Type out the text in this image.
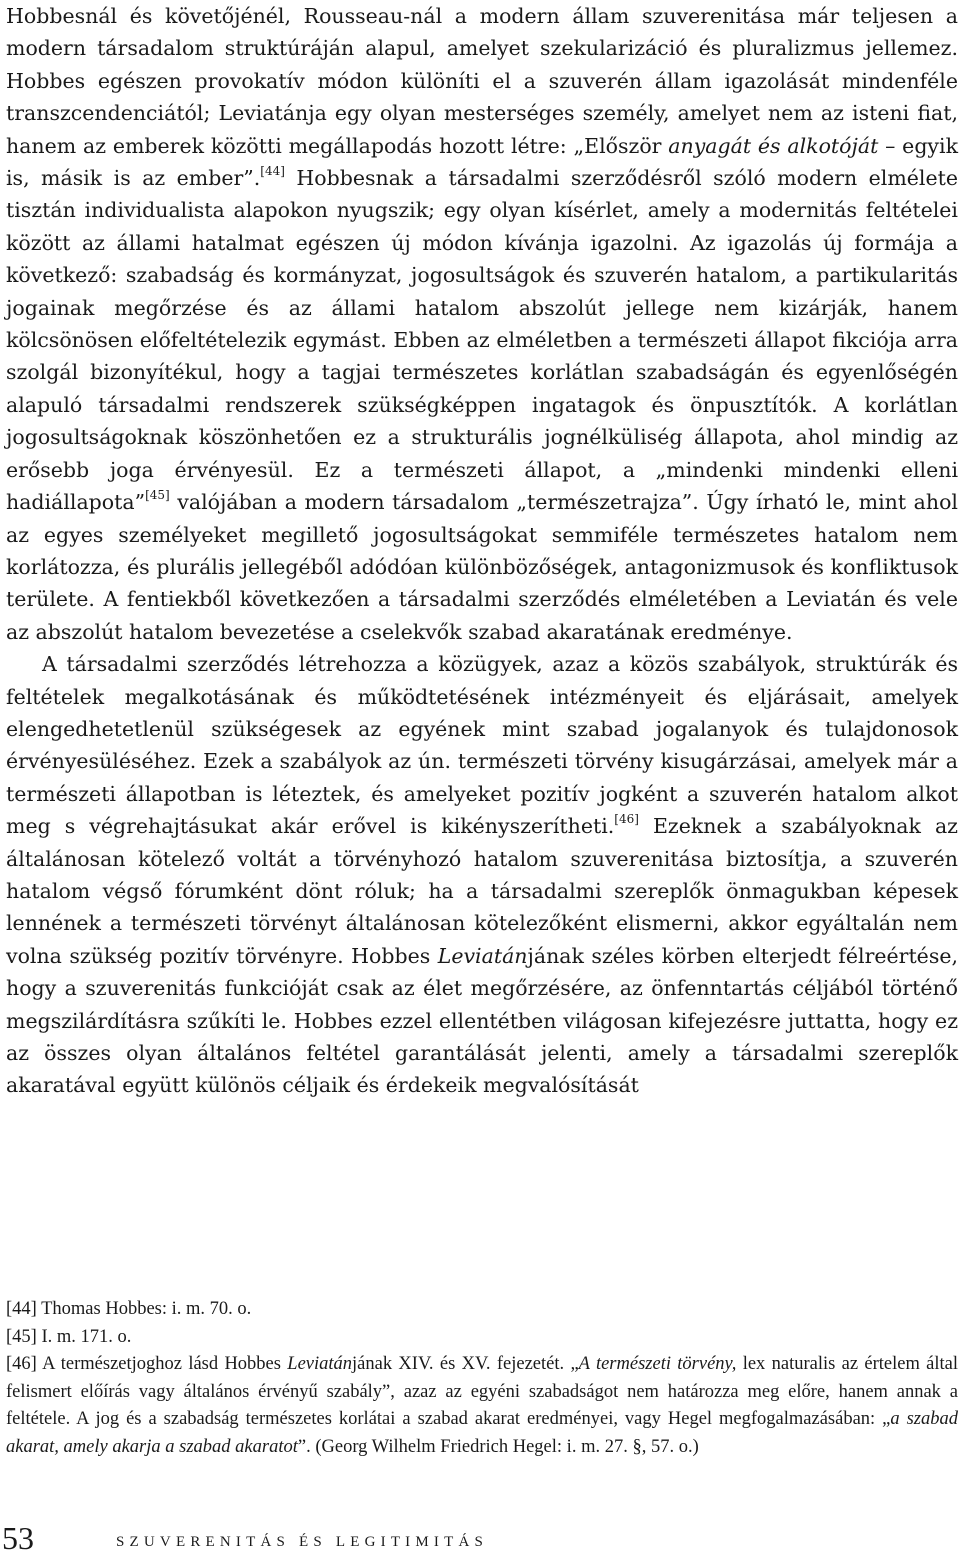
Hobbesnál és követőjénél, Rousseau-nál a modern állam szuverenitása már teljesen a modern társadalom struktúráján alapul, amelyet szekularizáció és pluralizmus jellemez. Hobbes egészen provokatív módon különíti el a szuverén állam igazolását mindenféle transzcendenciától; Leviatánja egy olyan mesterséges személy, amelyet nem az isteni fiat, hanem az emberek közötti megállapodás hozott létre: „Először anyagát és alkotóját – egyik is, másik is az ember”.[44] Hobbesnak a társadalmi szerződésről szóló modern elmélete tisztán individualista alapokon nyugszik; egy olyan kísérlet, amely a modernitás feltételei között az állami hatalmat egészen új módon kívánja igazolni. Az igazolás új formája a következő: szabadság és kormányzat, jogosultságok és szuverén hatalom, a partikularitás jogainak megőrzése és az állami hatalom abszolút jellege nem kizárják, hanem kölcsönösen előfeltételezik egymást. Ebben az elméletben a természeti állapot fikciója arra szolgál bizonyítékul, hogy a tagjai természetes korlátlan szabadságán és egyenlőségén alapuló társadalmi rendszerek szükségképpen ingatagok és önpusztítók. A korlátlan jogosultságoknak köszönhetően ez a strukturális jognélküliség állapota, ahol mindig az erősebb joga érvényesül. Ez a természeti állapot, a „mindenki mindenki elleni hadiállapota”[45] valójában a modern társadalom „természetrajza”. Úgy írható le, mint ahol az egyes személyeket megillető jogosultságokat semmiféle természetes hatalom nem korlátozza, és plurális jellegéből adódóan különbözőségek, antagonizmusok és konfliktusok területe. A fentiekből következően a társadalmi szerződés elméletében a Leviatán és vele az abszolút hatalom bevezetése a cselekvők szabad akaratának eredménye.

A társadalmi szerződés létrehozza a közügyek, azaz a közös szabályok, struktúrák és feltételek megalkotásának és működtetésének intézményeit és eljárásait, amelyek elengedhetetlenül szükségesek az egyének mint szabad jogalanyok és tulajdonosok érvényesüléséhez. Ezek a szabályok az ún. természeti törvény kisugárzásai, amelyek már a természeti állapotban is léteztek, és amelyeket pozitív jogként a szuverén hatalom alkot meg s végrehajtásukat akár erővel is kikényszerítheti.[46] Ezeknek a szabályoknak az általánosan kötelező voltát a törvényhozó hatalom szuverenitása biztosítja, a szuverén hatalom végső fórumként dönt róluk; ha a társadalmi szereplők önmagukban képesek lennének a természeti törvényt általánosan kötelezőként elismerni, akkor egyáltalán nem volna szükség pozitív törvényre. Hobbes Leviatánjának széles körben elterjedt félreértése, hogy a szuverenitás funkcióját csak az élet megőrzésére, az önfenntartás céljából történő megszilárdításra szűkíti le. Hobbes ezzel ellentétben világosan kifejezésre juttatta, hogy ez az összes olyan általános feltétel garantálását jelenti, amely a társadalmi szereplők akaratával együtt különös céljaik és érdekeik megvalósítását

[44] Thomas Hobbes: i. m. 70. o.

[45] I. m. 171. o.

[46] A természetjoghoz lásd Hobbes Leviatánjának XIV. és XV. fejezetét. „A természeti törvény, lex naturalis az értelem által felismert előírás vagy általános érvényű szabály”, azaz az egyéni szabadságot nem határozza meg előre, hanem annak a feltétele. A jog és a szabadság természetes korlátai a szabad akarat eredményei, vagy Hegel megfogalmazásában: „a szabad akarat, amely akarja a szabad akaratot”. (Georg Wilhelm Friedrich Hegel: i. m. 27. §, 57. o.)

53	SZUVERENITÁS ÉS LEGITIMITÁS
